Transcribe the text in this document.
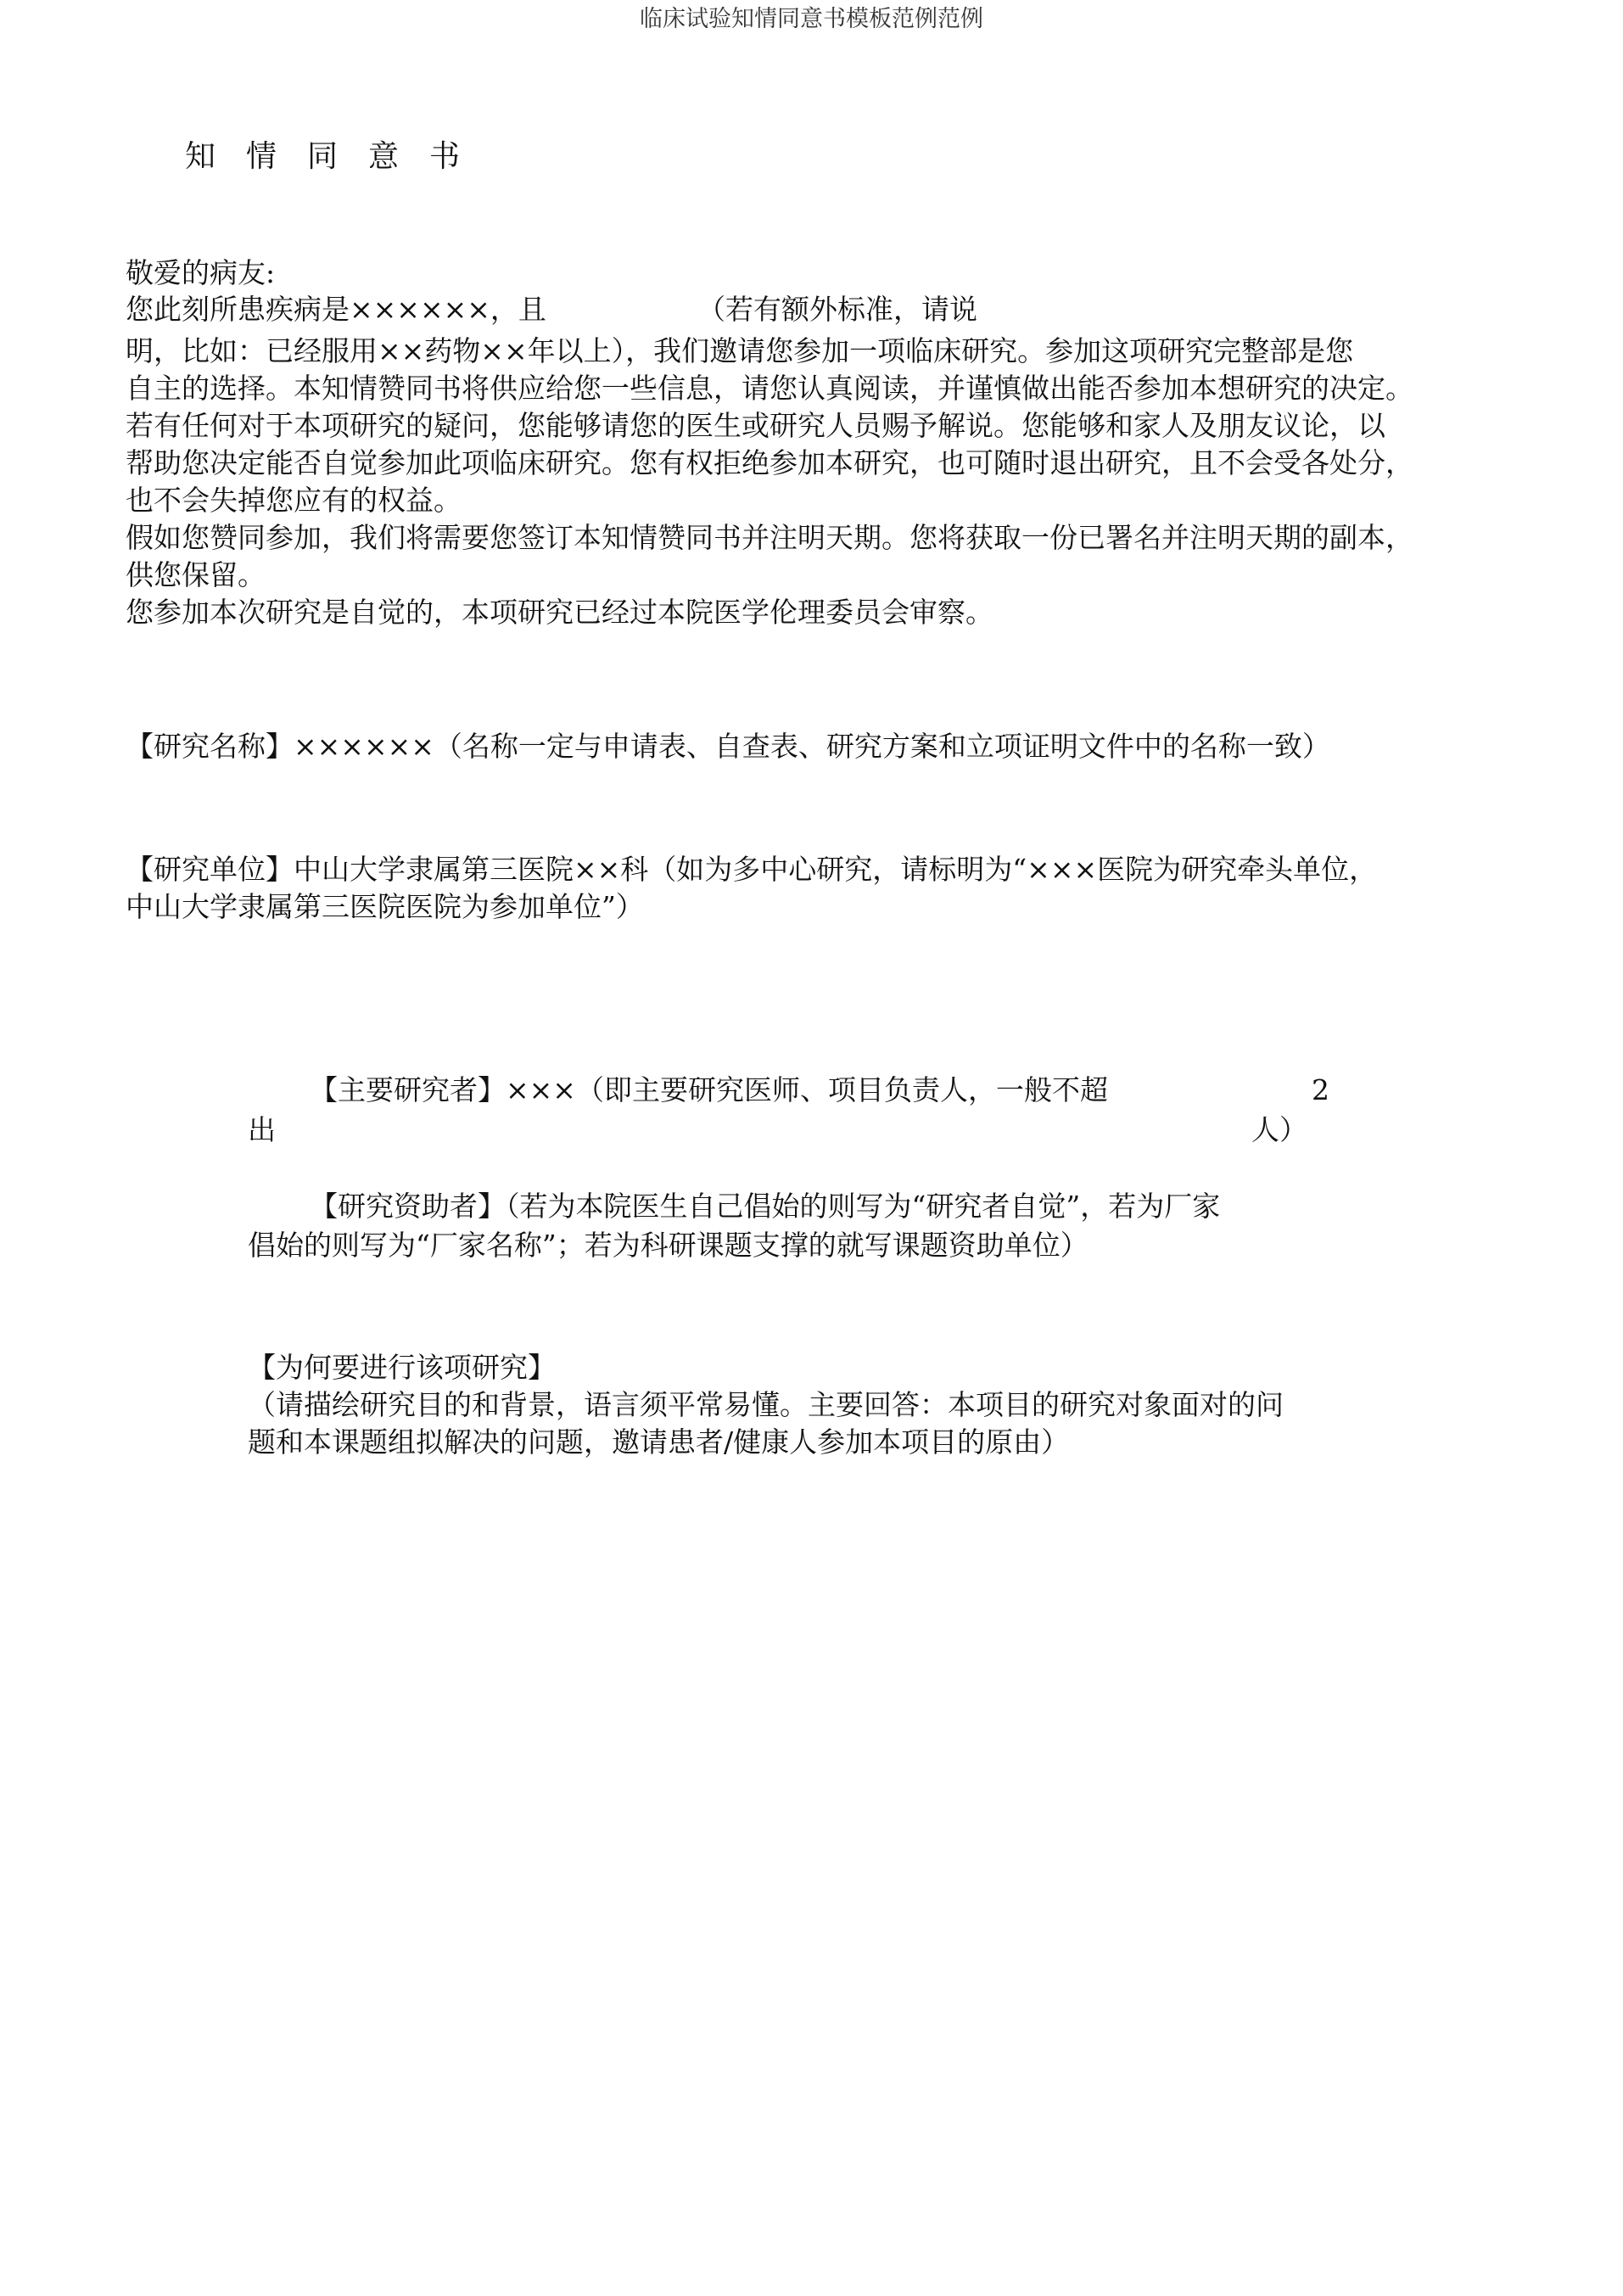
临床试验知情同意书模板范例范例
知　情　同　意　书
敬爱的病友:
您此刻所患疾病是××××××，且	（若有额外标准，请说
明，比如：已经服用××药物××年以上），我们邀请您参加一项临床研究。参加这项研究完整部是您
自主的选择。本知情赞同书将供应给您一些信息，请您认真阅读，并谨慎做出能否参加本想研究的决定。
若有任何对于本项研究的疑问，您能够请您的医生或研究人员赐予解说。您能够和家人及朋友议论，以
帮助您决定能否自觉参加此项临床研究。您有权拒绝参加本研究，也可随时退出研究，且不会受各处分，
也不会失掉您应有的权益。
假如您赞同参加，我们将需要您签订本知情赞同书并注明天期。您将获取一份已署名并注明天期的副本，
供您保留。
您参加本次研究是自觉的，本项研究已经过本院医学伦理委员会审察。
【研究名称】××××××（名称一定与申请表、自查表、研究方案和立项证明文件中的名称一致）
【研究单位】中山大学隶属第三医院××科（如为多中心研究，请标明为“×××医院为研究牵头单位，
中山大学隶属第三医院医院为参加单位”）
【主要研究者】×××（即主要研究医师、项目负责人，一般不超	2
出	人）
【研究资助者】（若为本院医生自己倡始的则写为“研究者自觉”，若为厂家
倡始的则写为“厂家名称”；若为科研课题支撑的就写课题资助单位）
【为何要进行该项研究】
（请描绘研究目的和背景，语言须平常易懂。主要回答：本项目的研究对象面对的问
题和本课题组拟解决的问题，邀请患者/健康人参加本项目的原由）
